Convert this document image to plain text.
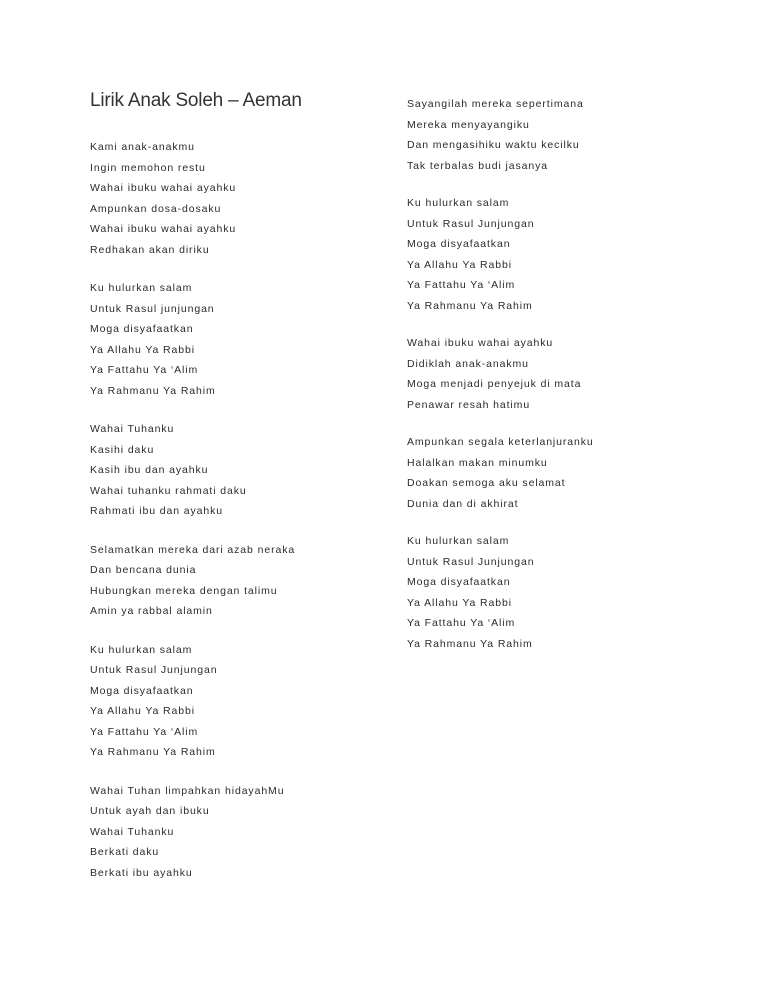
Lirik Anak Soleh – Aeman
Kami anak-anakmu
Ingin memohon restu
Wahai ibuku wahai ayahku
Ampunkan dosa-dosaku
Wahai ibuku wahai ayahku
Redhakan akan diriku
Ku hulurkan salam
Untuk Rasul junjungan
Moga disyafaatkan
Ya Allahu Ya Rabbi
Ya Fattahu Ya ‘Alim
Ya Rahmanu Ya Rahim
Wahai Tuhanku
Kasihi daku
Kasih ibu dan ayahku
Wahai tuhanku rahmati daku
Rahmati ibu dan ayahku
Selamatkan mereka dari azab neraka
Dan bencana dunia
Hubungkan mereka dengan talimu
Amin ya rabbal alamin
Ku hulurkan salam
Untuk Rasul Junjungan
Moga disyafaatkan
Ya Allahu Ya Rabbi
Ya Fattahu Ya ‘Alim
Ya Rahmanu Ya Rahim
Wahai Tuhan limpahkan hidayahMu
Untuk ayah dan ibuku
Wahai Tuhanku
Berkati daku
Berkati ibu ayahku
Sayangilah mereka sepertimana
Mereka menyayangiku
Dan mengasihiku waktu kecilku
Tak terbalas budi jasanya
Ku hulurkan salam
Untuk Rasul Junjungan
Moga disyafaatkan
Ya Allahu Ya Rabbi
Ya Fattahu Ya ‘Alim
Ya Rahmanu Ya Rahim
Wahai ibuku wahai ayahku
Didiklah anak-anakmu
Moga menjadi penyejuk di mata
Penawar resah hatimu
Ampunkan segala keterlanjuranku
Halalkan makan minumku
Doakan semoga aku selamat
Dunia dan di akhirat
Ku hulurkan salam
Untuk Rasul Junjungan
Moga disyafaatkan
Ya Allahu Ya Rabbi
Ya Fattahu Ya ‘Alim
Ya Rahmanu Ya Rahim
